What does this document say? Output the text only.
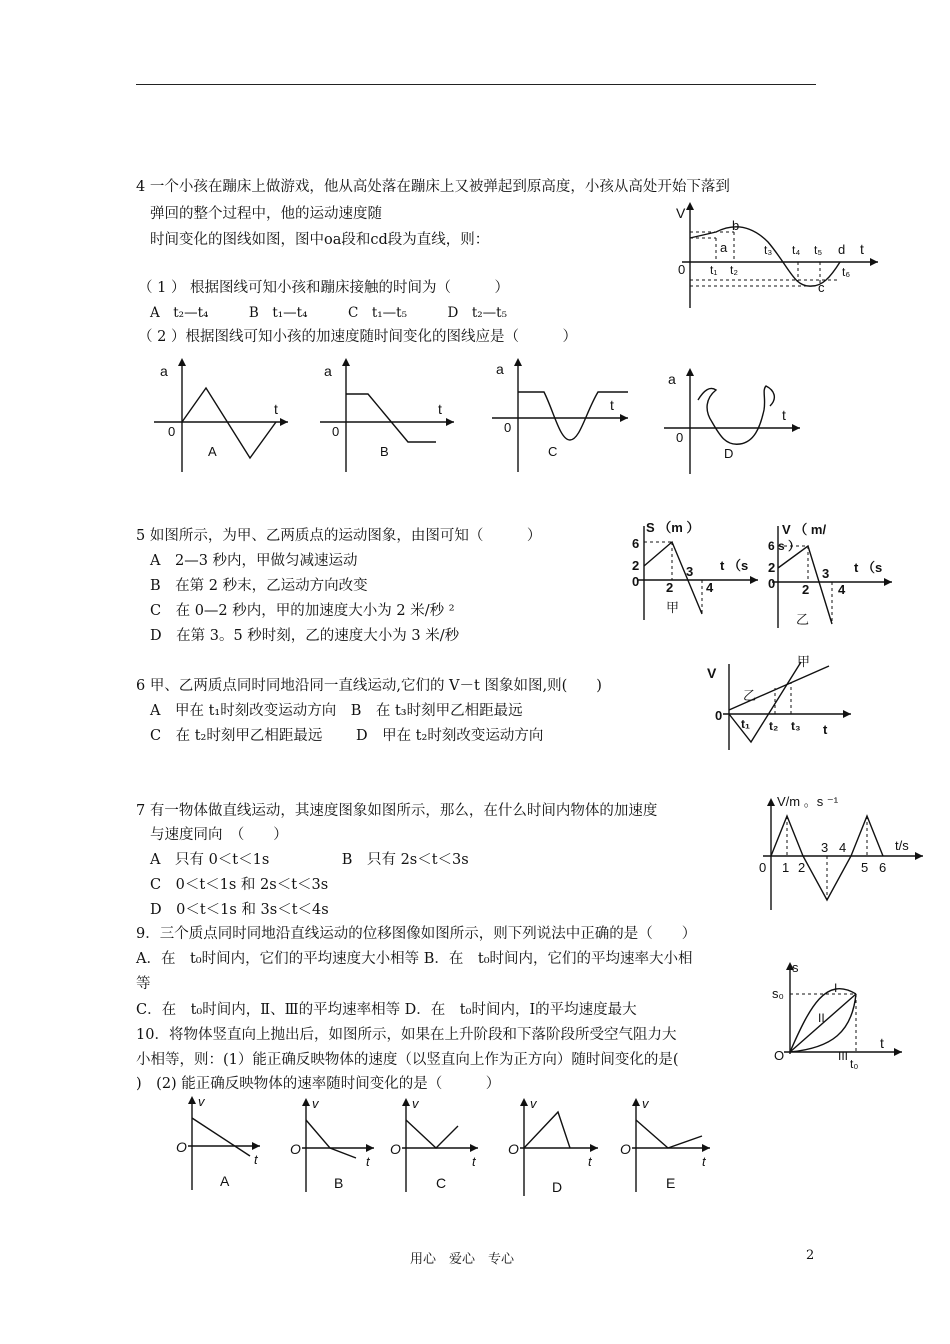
4 一个小孩在蹦床上做游戏，他从高处落在蹦床上又被弹起到原高度，小孩从高处开始下落到
弹回的整个过程中，他的运动速度随
时间变化的图线如图，图中oa段和cd段为直线，则：
（ 1 ） 根据图线可知小孩和蹦床接触的时间为（　　　）
A　t₂—t₄　　　B　t₁—t₄　　　C　t₁—t₅　　　D　t₂—t₅
（ 2 ）根据图线可知小孩的加速度随时间变化的图线应是（　　　）
V
t
0
a
b
c
d
t₁ t₂
t₃ t₄ t₅
t₆
a
t
0
A
a
t
0
B
a
t
0
C
a
t
0
D
5 如图所示，为甲、乙两质点的运动图象，由图可知（　　　）
A　2—3 秒内，甲做匀减速运动
B　在第 2 秒末，乙运动方向改变
C　在 0—2 秒内，甲的加速度大小为 2 米/秒 ²
D　在第 3。5 秒时刻，乙的速度大小为 3 米/秒
S （m ）
t （s
6
2
0 2
3
4
甲
V （ m/
6 s ）
2
0 2
3
4
t （s
乙
6 甲、乙两质点同时同地沿同一直线运动,它们的 V－t 图象如图,则(　　)
A　甲在 t₁时刻改变运动方向　B　在 t₃时刻甲乙相距最远
C　在 t₂时刻甲乙相距最远　　 D　甲在 t₂时刻改变运动方向
V
0
甲
乙
t₁ t₂ t₃ t
7 有一物体做直线运动，其速度图象如图所示，那么，在什么时间内物体的加速度
与速度同向　（　　）
A　只有 0＜t＜1s　　　　　B　只有 2s＜t＜3s
C　0＜t＜1s 和 2s＜t＜3s
D　0＜t＜1s 和 3s＜t＜4s
V/m 。s ⁻¹
t/s
0 1 2
3 4
5 6
9．三个质点同时同地沿直线运动的位移图像如图所示，则下列说法中正确的是（　　）
A．在　t₀时间内，它们的平均速度大小相等 B．在　t₀时间内，它们的平均速率大小相
等
C．在　t₀时间内，Ⅱ、Ⅲ的平均速率相等 D．在　t₀时间内，Ⅰ的平均速度最大
s
s₀
O
t
t₀
I
II
III
10．将物体竖直向上抛出后，如图所示，如果在上升阶段和下落阶段所受空气阻力大
小相等，则：(1）能正确反映物体的速度（以竖直向上作为正方向）随时间变化的是(
)　(2) 能正确反映物体的速率随时间变化的是（　　　）
v
O
t
A
v
O
t
B
v
O
t
C
v
O
t
D
v
O
t
E
用心　爱心　专心	2
